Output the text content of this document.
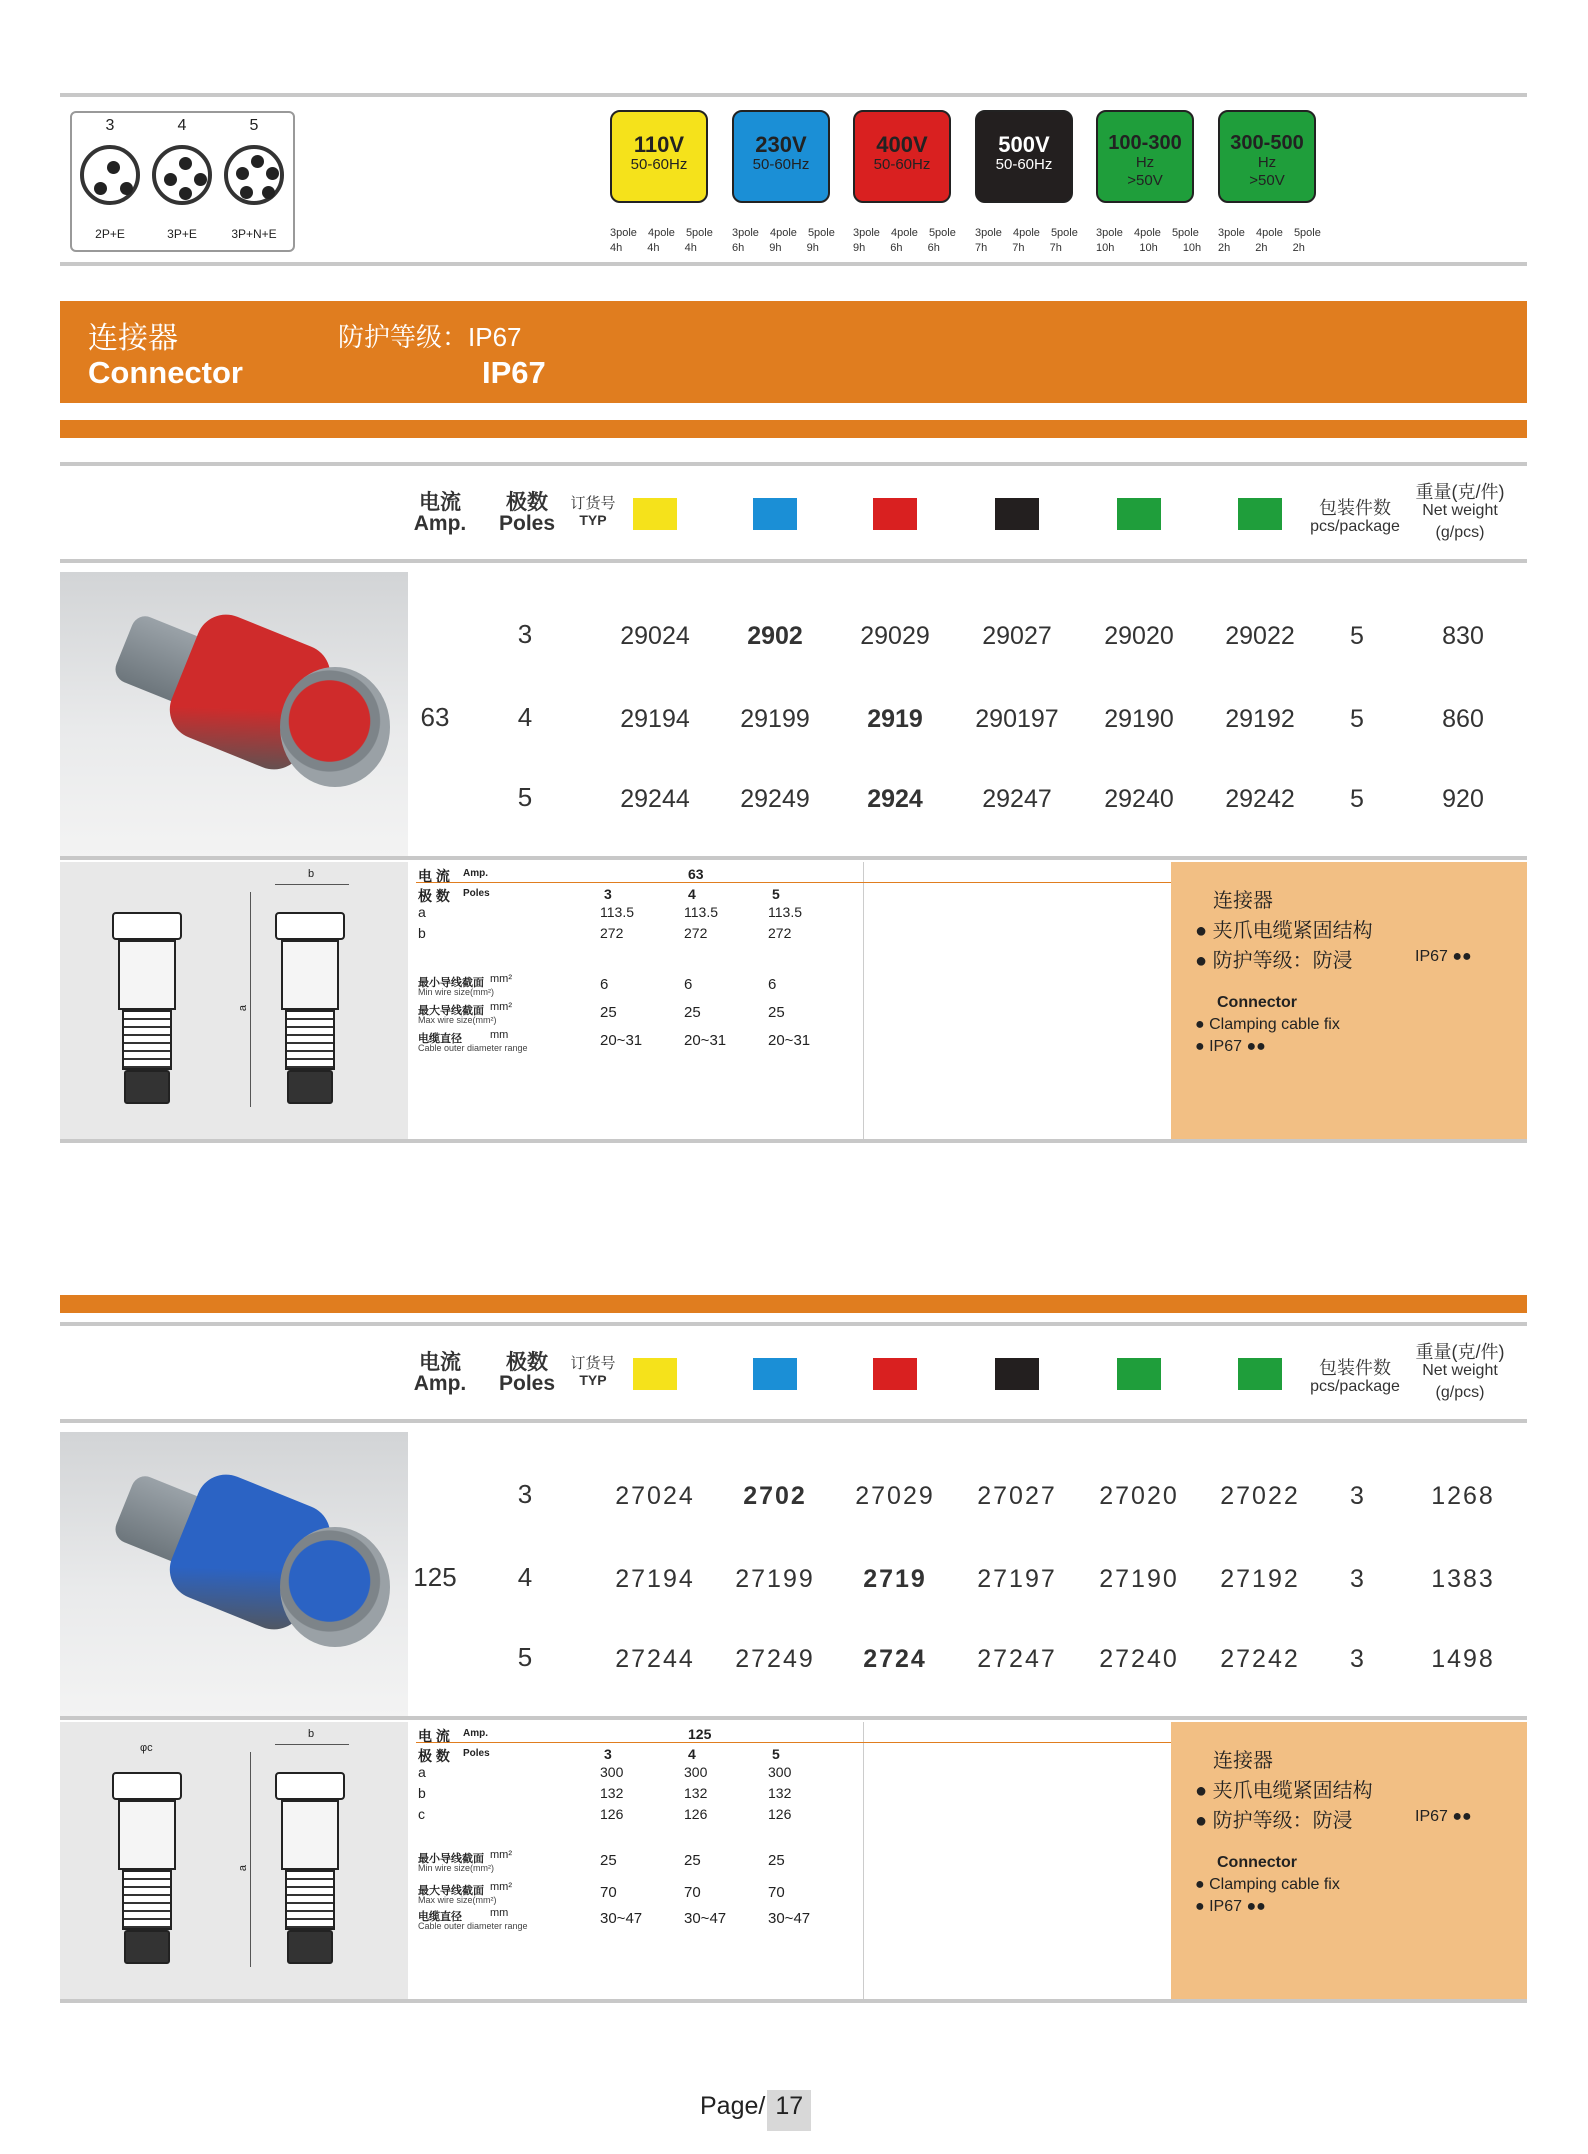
3
2P+E
4
3P+E
5
3P+N+E
110V
50-60Hz
3pole 4pole 5pole
4h 4h 4h
230V
50-60Hz
3pole 4pole 5pole
6h 9h 9h
400V
50-60Hz
3pole 4pole 5pole
9h 6h 6h
500V
50-60Hz
3pole 4pole 5pole
7h 7h 7h
100-300
Hz
>50V
3pole 4pole 5pole
10h 10h 10h
300-500
Hz
>50V
3pole 4pole 5pole
2h 2h 2h
连接器	防护等级：IP67
Connector	IP67
电流
Amp.
极数
Poles
订货号
TYP
包装件数
pcs/package
重量(克/件)
Net weight
(g/pcs)
63
3	29024	2902	29029	29027	29020	29022	5	830
4	29194	29199	2919	290197	29190	29192	5	860
5	29244	29249	2924	29247	29240	29242	5	920
a
b	电 流 Amp.	63
极 数 Poles	3	4	5
a	113.5	113.5	113.5
b	272	272	272
最小导线截面 mm²
Min wire size(mm²)	6	6	6
最大导线截面 mm²
Max wire size(mm²)	25	25	25
电缆直径	mm
Cable outer diameter range	20~31	20~31	20~31
连接器
● 夹爪电缆紧固结构
● 防护等级：防浸	IP67 ●●
Connector
● Clamping cable fix
● IP67 ●●
电流
Amp.
极数
Poles
订货号
TYP
包装件数
pcs/package
重量(克/件)
Net weight
(g/pcs)
125
3	27024	2702	27029	27027	27020	27022	3	1268
4	27194	27199	2719	27197	27190	27192	3	1383
5	27244	27249	2724	27247	27240	27242	3	1498
a
b
φc
电 流 Amp.	125
极 数 Poles	3	4	5
a	300	300	300
b	132	132	132
c	126	126	126
最小导线截面 mm²
Min wire size(mm²)	25	25	25
最大导线截面 mm²
Max wire size(mm²)	70	70	70
电缆直径	mm
Cable outer diameter range	30~47	30~47	30~47
连接器
● 夹爪电缆紧固结构
● 防护等级：防浸	IP67 ●●
Connector
● Clamping cable fix
● IP67 ●●
Page/ 17
